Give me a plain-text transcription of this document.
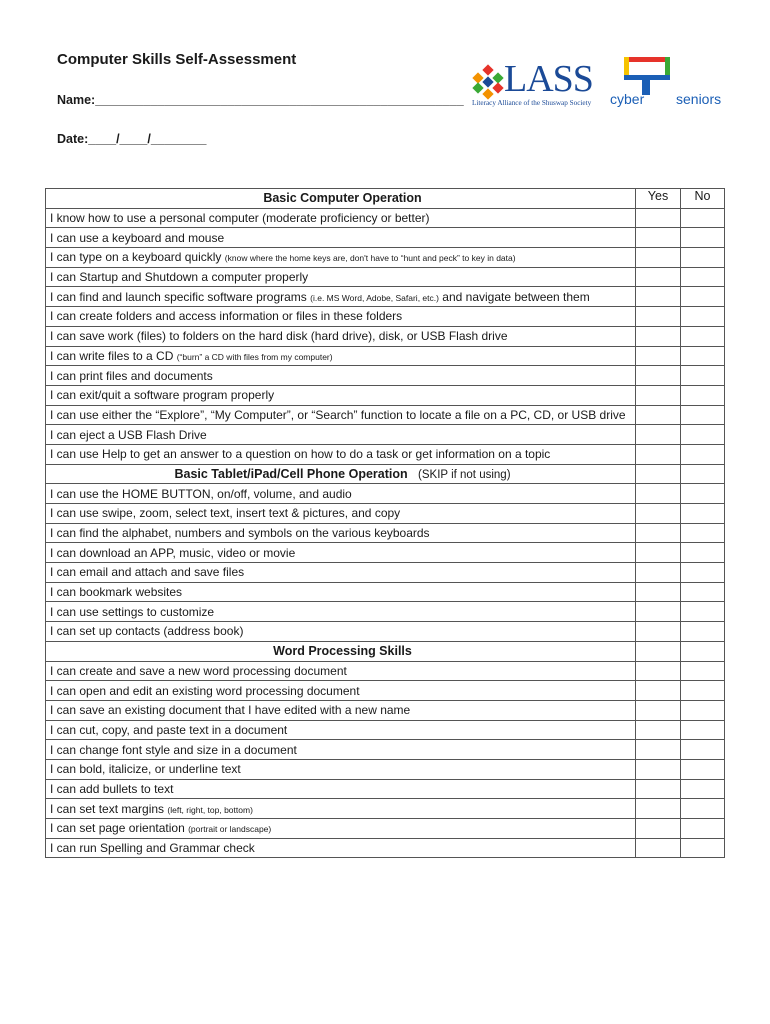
Computer Skills Self-Assessment
Name:_____________________________________________________
Date:____/____/________
LASS
Literacy Alliance of the Shuswap Society cyber seniors
Basic Computer Operation	Yes	No
I know how to use a personal computer (moderate proficiency or better)		
I can use a keyboard and mouse		
I can type on a keyboard quickly (know where the home keys are, don't have to “hunt and peck” to key in data)		
I can Startup and Shutdown a computer properly		
I can find and launch specific software programs (i.e. MS Word, Adobe, Safari, etc.) and navigate between them		
I can create folders and access information or files in these folders		
I can save work (files) to folders on the hard disk (hard drive), disk, or USB Flash drive		
I can write files to a CD (“burn” a CD with files from my computer)		
I can print files and documents		
I can exit/quit a software program properly		
I can use either the “Explore”, “My Computer”, or “Search” function to locate a file on a PC, CD, or USB drive		
I can eject a USB Flash Drive		
I can use Help to get an answer to a question on how to do a task or get information on a topic		
Basic Tablet/iPad/Cell Phone Operation (SKIP if not using)		
I can use the HOME BUTTON, on/off, volume, and audio		
I can use swipe, zoom, select text, insert text & pictures, and copy		
I can find the alphabet, numbers and symbols on the various keyboards		
I can download an APP, music, video or movie		
I can email and attach and save files		
I can bookmark websites		
I can use settings to customize		
I can set up contacts (address book)		
Word Processing Skills		
I can create and save a new word processing document		
I can open and edit an existing word processing document		
I can save an existing document that I have edited with a new name		
I can cut, copy, and paste text in a document		
I can change font style and size in a document		
I can bold, italicize, or underline text		
I can add bullets to text		
I can set text margins (left, right, top, bottom)		
I can set page orientation (portrait or landscape)		
I can run Spelling and Grammar check		
